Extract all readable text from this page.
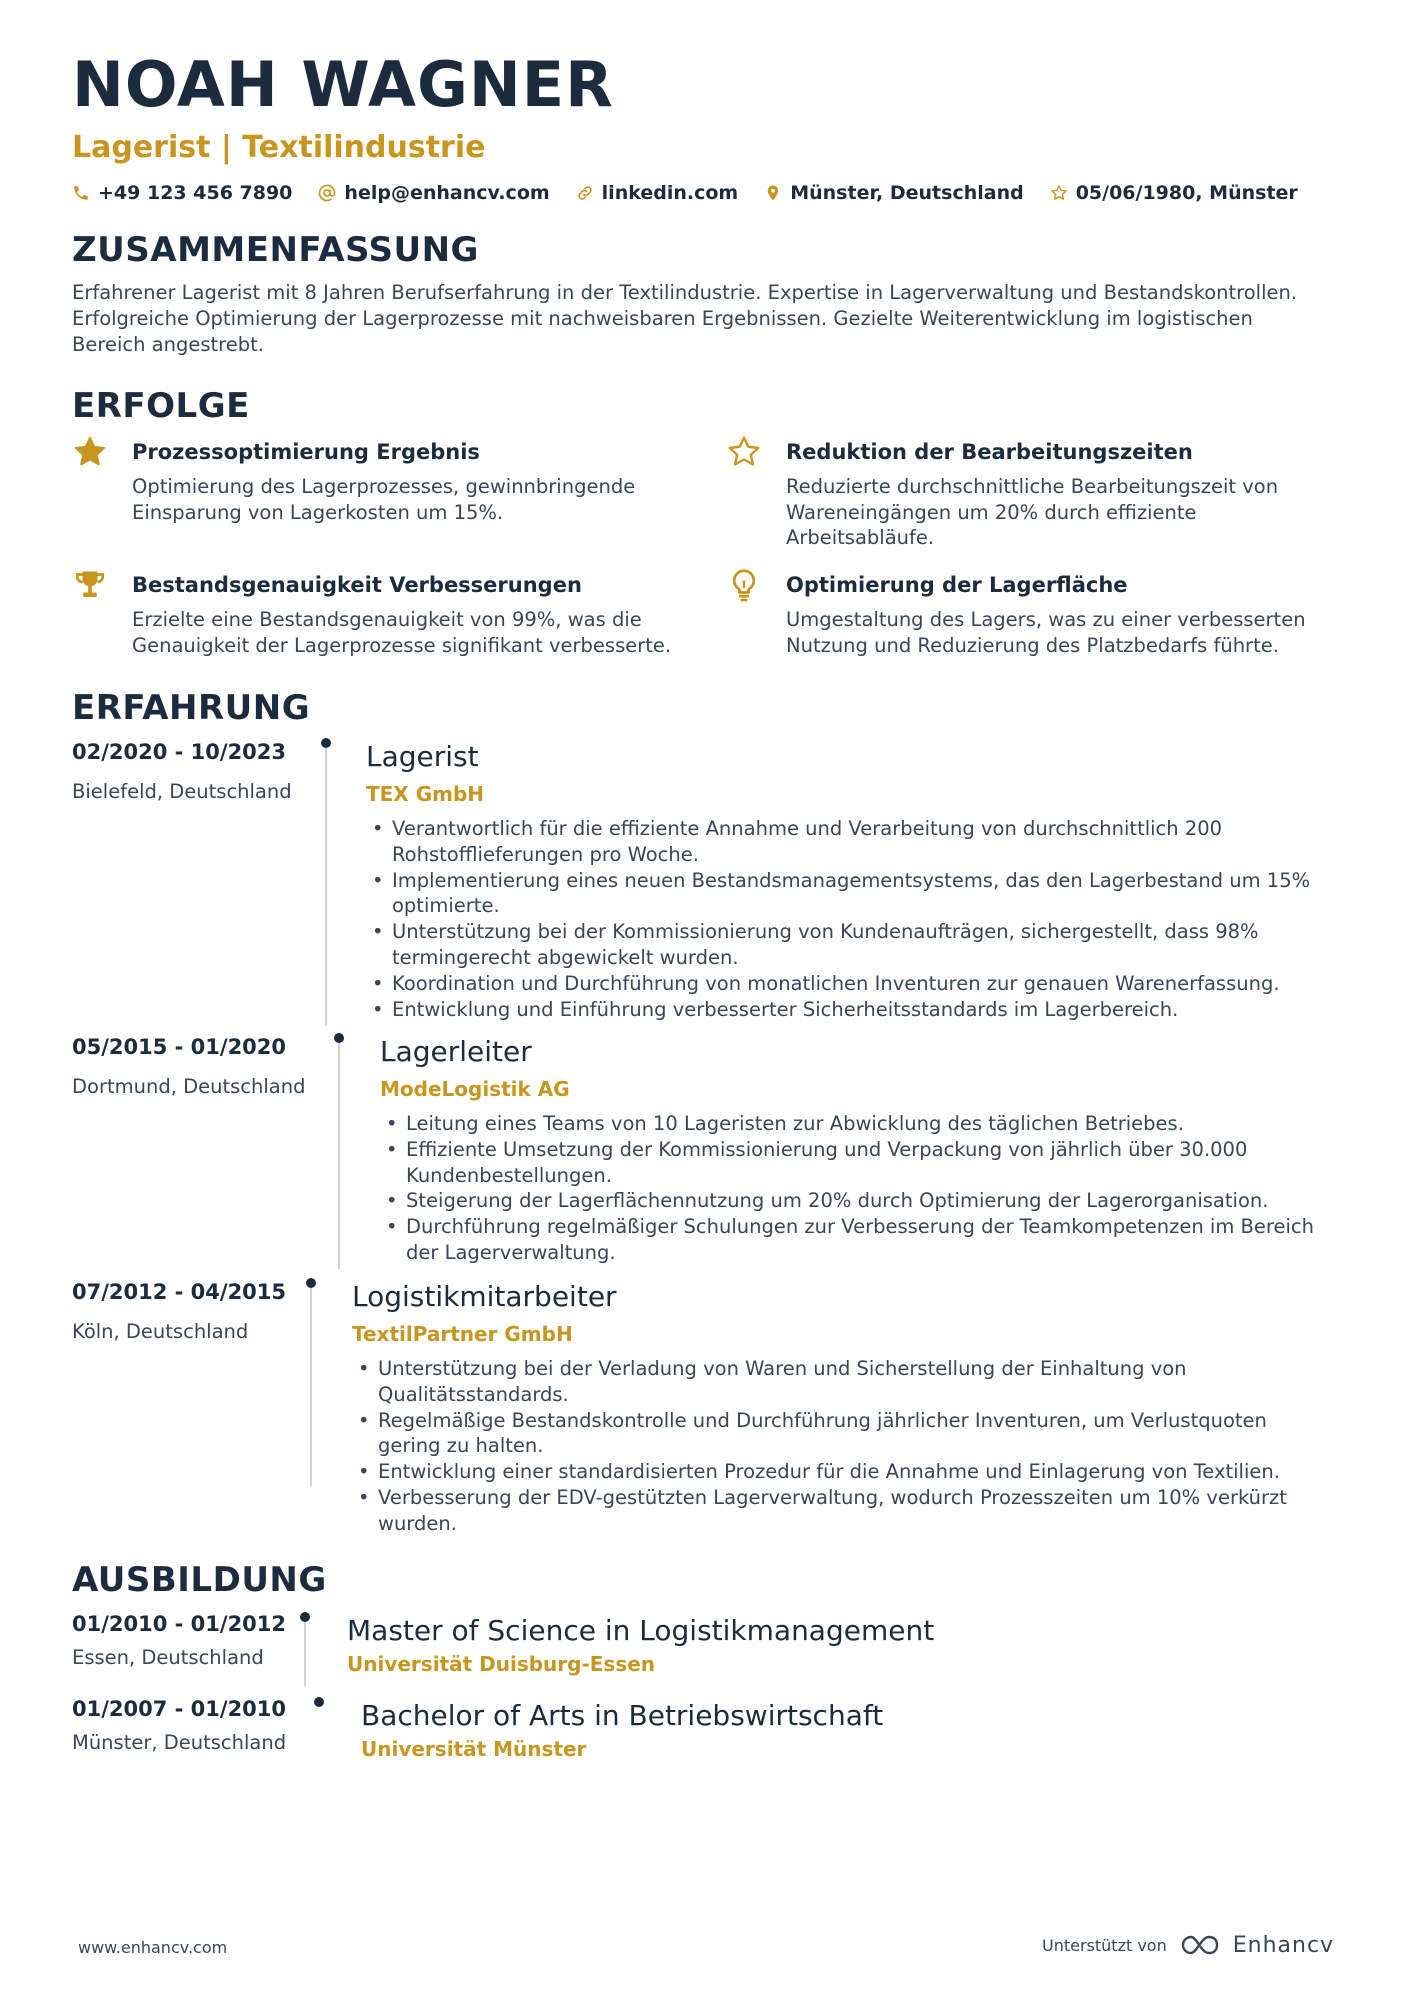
NOAH WAGNER
Lagerist | Textilindustrie
+49 123 456 7890	help@enhancv.com	linkedin.com	Münster, Deutschland	05/06/1980, Münster
ZUSAMMENFASSUNG
Erfahrener Lagerist mit 8 Jahren Berufserfahrung in der Textilindustrie. Expertise in Lagerverwaltung und Bestandskontrollen. Erfolgreiche Optimierung der Lagerprozesse mit nachweisbaren Ergebnissen. Gezielte Weiterentwicklung im logistischen Bereich angestrebt.
ERFOLGE
Prozessoptimierung Ergebnis
Optimierung des Lagerprozesses, gewinnbringende Einsparung von Lagerkosten um 15%.
Reduktion der Bearbeitungszeiten
Reduzierte durchschnittliche Bearbeitungszeit von Wareneingängen um 20% durch effiziente Arbeitsabläufe.
Bestandsgenauigkeit Verbesserungen
Erzielte eine Bestandsgenauigkeit von 99%, was die Genauigkeit der Lagerprozesse signifikant verbesserte.
Optimierung der Lagerfläche
Umgestaltung des Lagers, was zu einer verbesserten Nutzung und Reduzierung des Platzbedarfs führte.
ERFAHRUNG
02/2020 - 10/2023
Bielefeld, Deutschland
Lagerist
TEX GmbH
• Verantwortlich für die effiziente Annahme und Verarbeitung von durchschnittlich 200 Rohstofflieferungen pro Woche.
• Implementierung eines neuen Bestandsmanagementsystems, das den Lagerbestand um 15% optimierte.
• Unterstützung bei der Kommissionierung von Kundenaufträgen, sichergestellt, dass 98% termingerecht abgewickelt wurden.
• Koordination und Durchführung von monatlichen Inventuren zur genauen Warenerfassung.
• Entwicklung und Einführung verbesserter Sicherheitsstandards im Lagerbereich.
05/2015 - 01/2020
Dortmund, Deutschland
Lagerleiter
ModeLogistik AG
• Leitung eines Teams von 10 Lageristen zur Abwicklung des täglichen Betriebes.
• Effiziente Umsetzung der Kommissionierung und Verpackung von jährlich über 30.000 Kundenbestellungen.
• Steigerung der Lagerflächennutzung um 20% durch Optimierung der Lagerorganisation.
• Durchführung regelmäßiger Schulungen zur Verbesserung der Teamkompetenzen im Bereich der Lagerverwaltung.
07/2012 - 04/2015
Köln, Deutschland
Logistikmitarbeiter
TextilPartner GmbH
• Unterstützung bei der Verladung von Waren und Sicherstellung der Einhaltung von Qualitätsstandards.
• Regelmäßige Bestandskontrolle und Durchführung jährlicher Inventuren, um Verlustquoten gering zu halten.
• Entwicklung einer standardisierten Prozedur für die Annahme und Einlagerung von Textilien.
• Verbesserung der EDV-gestützten Lagerverwaltung, wodurch Prozesszeiten um 10% verkürzt wurden.
AUSBILDUNG
01/2010 - 01/2012
Essen, Deutschland
Master of Science in Logistikmanagement
Universität Duisburg-Essen
01/2007 - 01/2010
Münster, Deutschland
Bachelor of Arts in Betriebswirtschaft
Universität Münster
www.enhancv.com	Unterstützt von	Enhancv
